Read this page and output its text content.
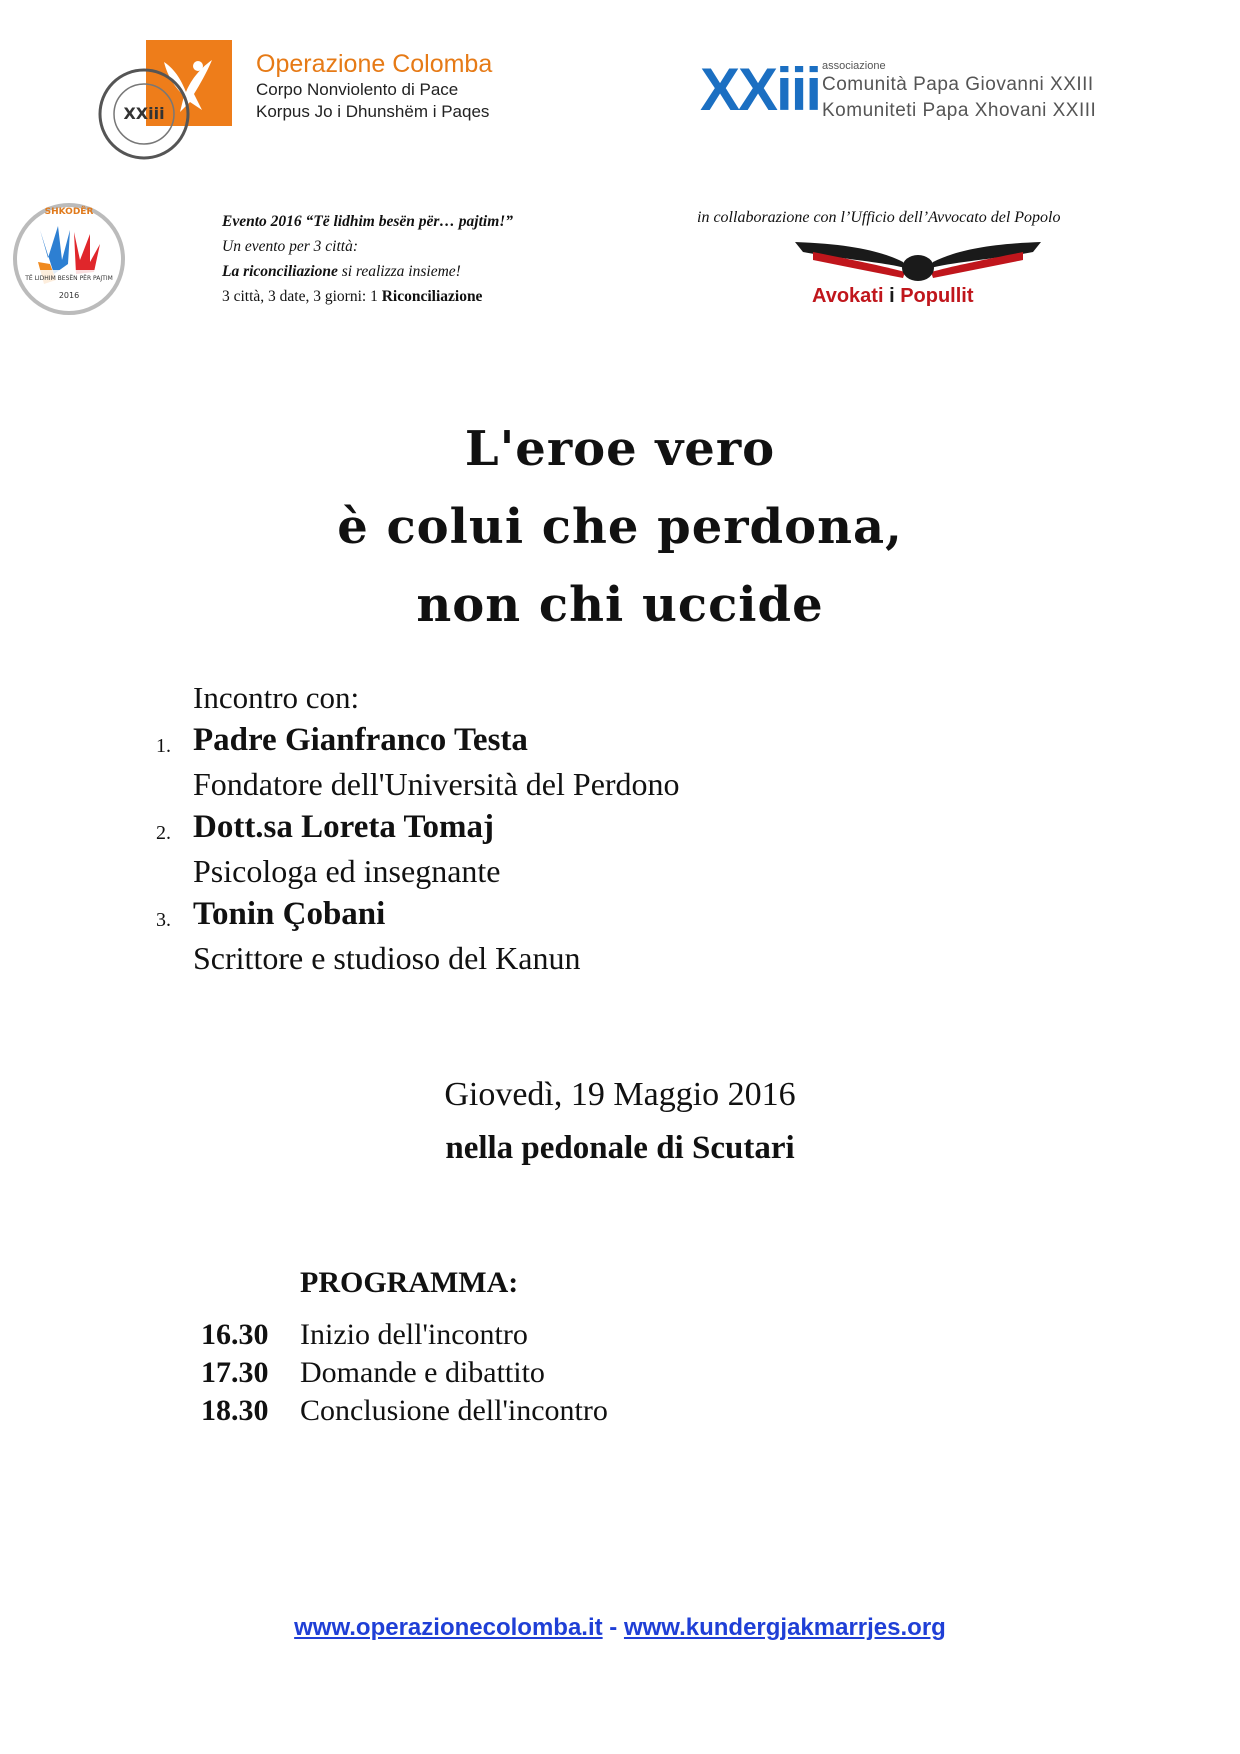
XXiii
Operazione Colomba
Corpo Nonviolento di Pace
Korpus Jo i Dhunshëm i Paqes	XXiii associazione
Comunità Papa Giovanni XXIII
Komuniteti Papa Xhovani XXIII
SHKODËR
TË LIDHIM BESËN PËR PAJTIM
2016
Evento 2016 “Të lidhim besën për… pajtim!”
Un evento per 3 città:
La riconciliazione si realizza insieme!
3 città, 3 date, 3 giorni: 1 Riconciliazione
in collaborazione con l’Ufficio dell’Avvocato del Popolo
Avokati i Popullit
L'eroe vero
è colui che perdona,
non chi uccide
Incontro con:
1. Padre Gianfranco Testa
Fondatore dell'Università del Perdono
2. Dott.sa Loreta Tomaj
Psicologa ed insegnante
3. Tonin Çobani
Scrittore e studioso del Kanun
Giovedì, 19 Maggio 2016
nella pedonale di Scutari
PROGRAMMA:
16.30 Inizio dell'incontro
17.30 Domande e dibattito
18.30 Conclusione dell'incontro
www.operazionecolomba.it - www.kundergjakmarrjes.org
